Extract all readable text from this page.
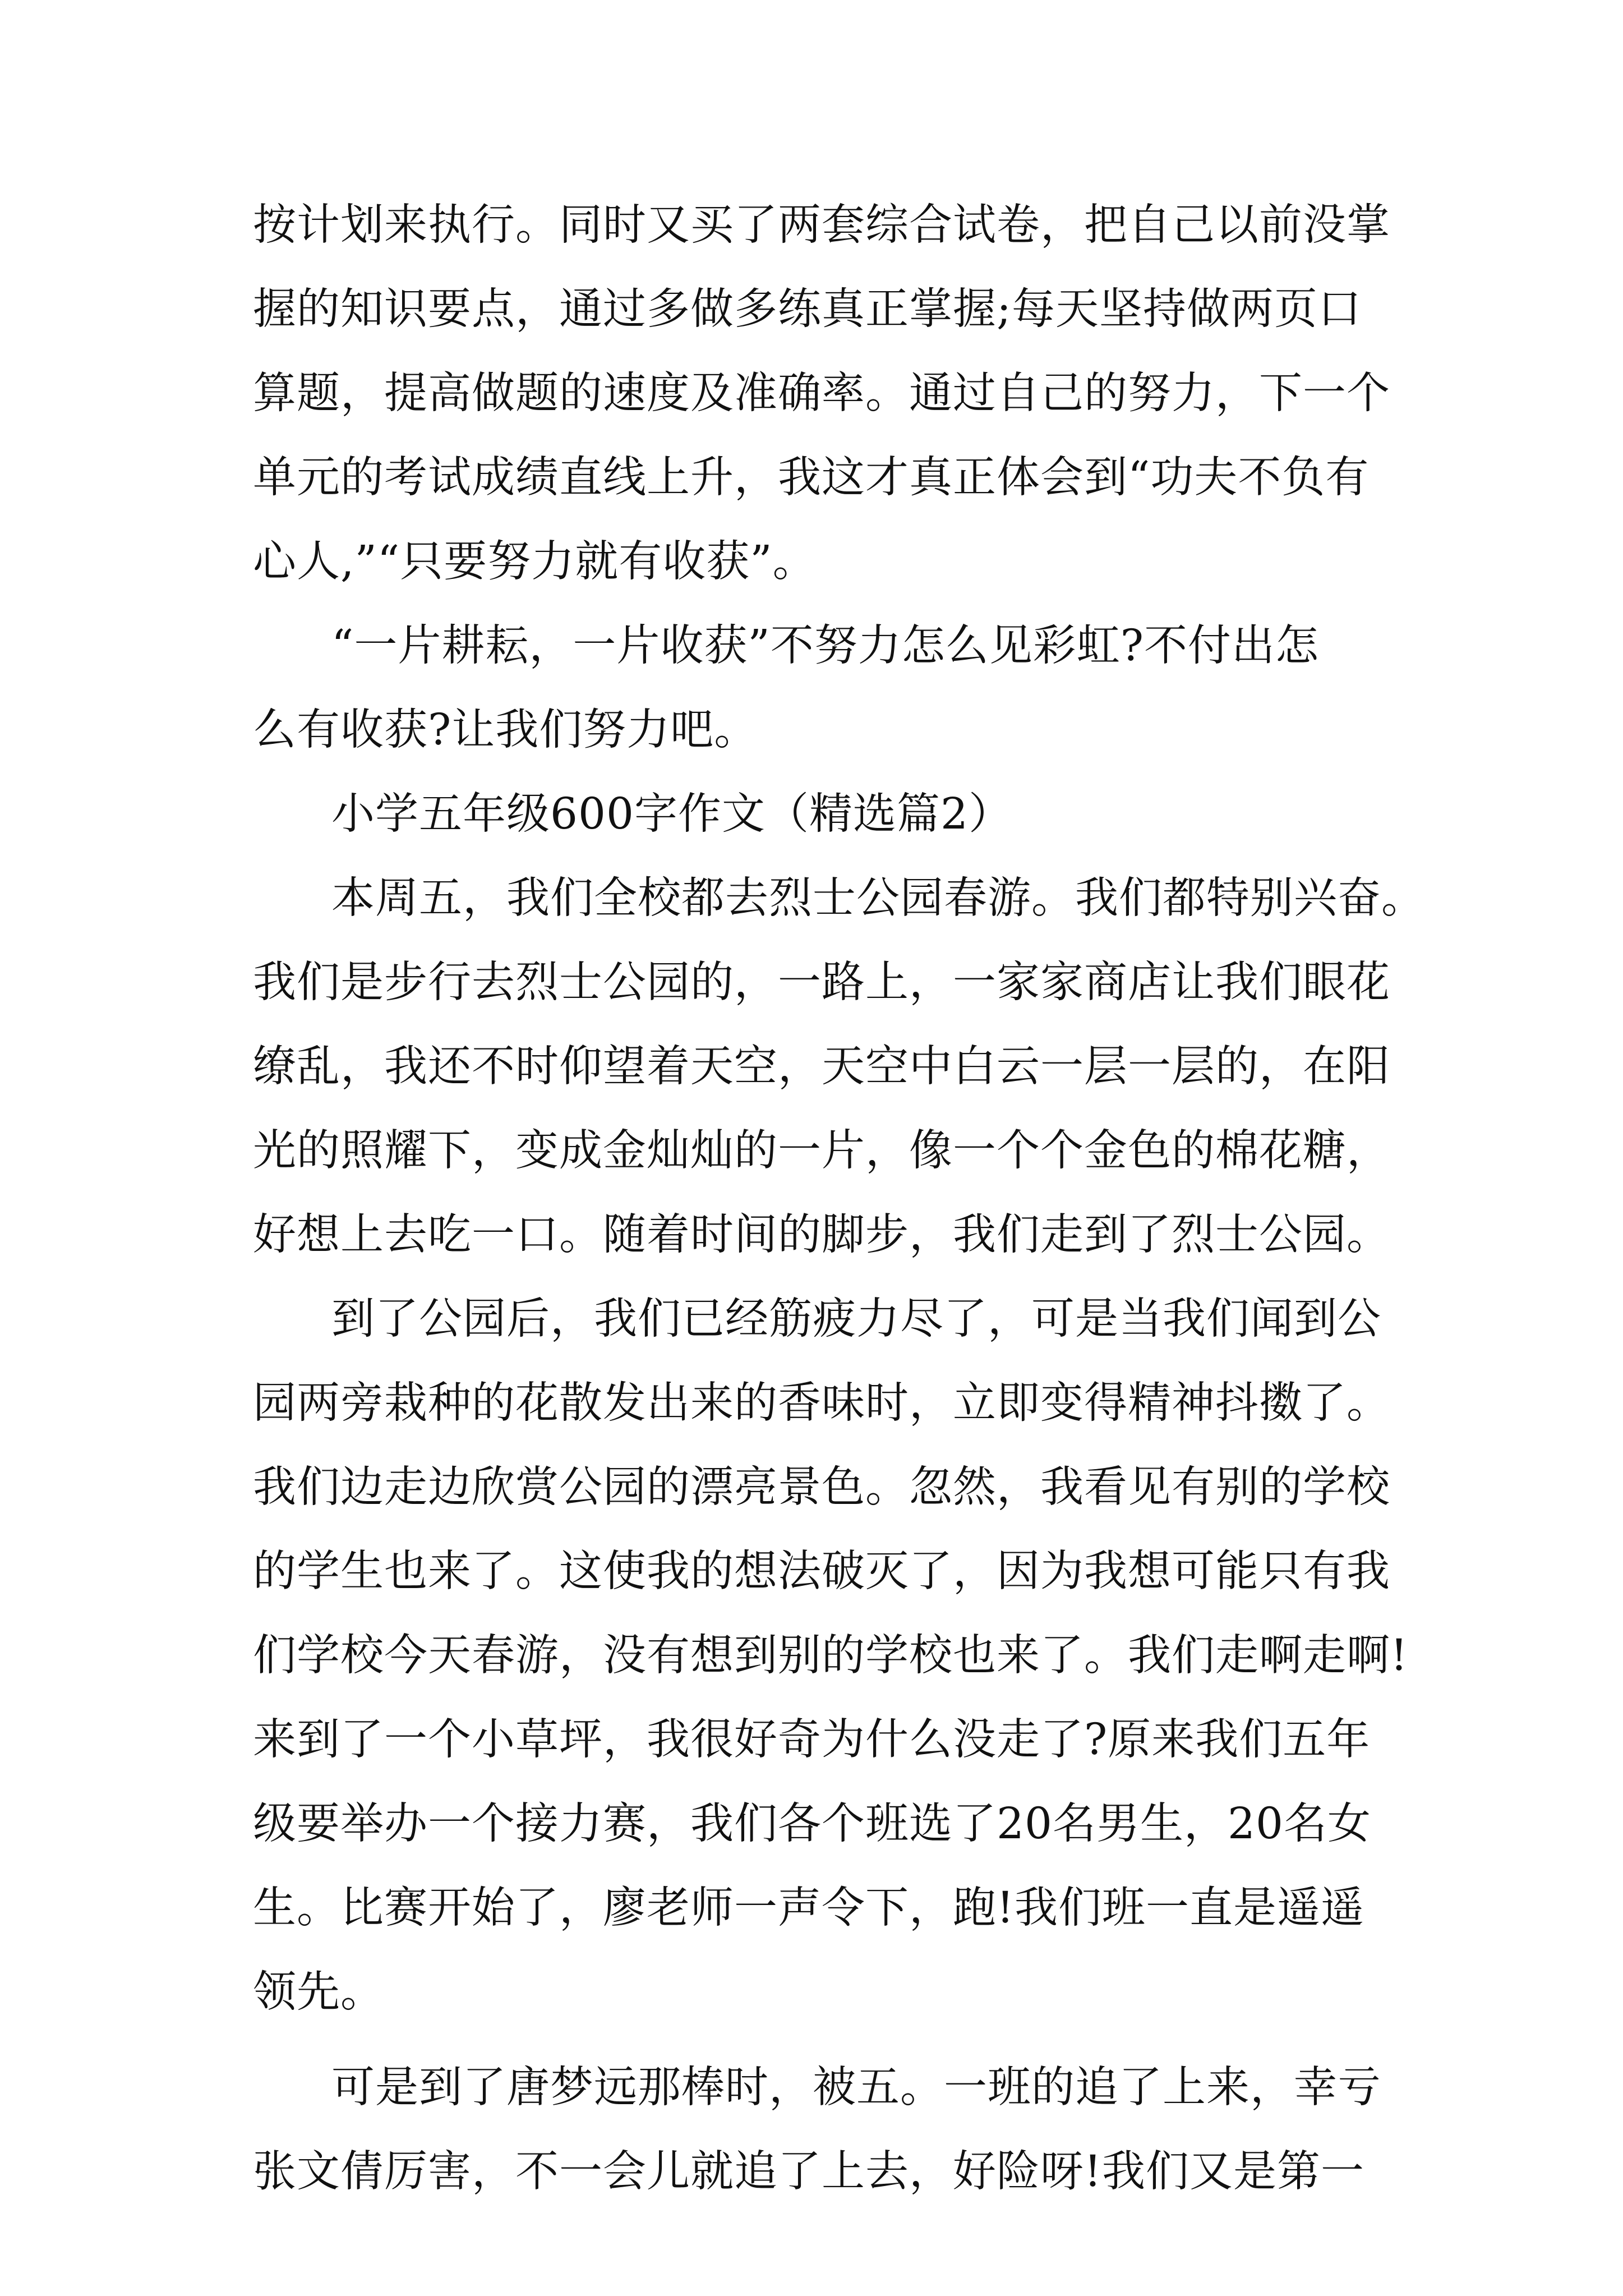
按计划来执行。同时又买了两套综合试卷，把自己以前没掌
握的知识要点，通过多做多练真正掌握;每天坚持做两页口
算题，提高做题的速度及准确率。通过自己的努力，下一个
单元的考试成绩直线上升，我这才真正体会到“功夫不负有
心人,”“只要努力就有收获”。
“一片耕耘，一片收获”不努力怎么见彩虹?不付出怎
么有收获?让我们努力吧。
小学五年级600字作文（精选篇2）
本周五，我们全校都去烈士公园春游。我们都特别兴奋。
我们是步行去烈士公园的，一路上，一家家商店让我们眼花
缭乱，我还不时仰望着天空，天空中白云一层一层的，在阳
光的照耀下，变成金灿灿的一片，像一个个金色的棉花糖，
好想上去吃一口。随着时间的脚步，我们走到了烈士公园。
到了公园后，我们已经筋疲力尽了，可是当我们闻到公
园两旁栽种的花散发出来的香味时，立即变得精神抖擞了。
我们边走边欣赏公园的漂亮景色。忽然，我看见有别的学校
的学生也来了。这使我的想法破灭了，因为我想可能只有我
们学校今天春游，没有想到别的学校也来了。我们走啊走啊!
来到了一个小草坪，我很好奇为什么没走了?原来我们五年
级要举办一个接力赛，我们各个班选了20名男生，20名女
生。比赛开始了，廖老师一声令下，跑!我们班一直是遥遥
领先。
可是到了唐梦远那棒时，被五。一班的追了上来，幸亏
张文倩厉害，不一会儿就追了上去，好险呀!我们又是第一
